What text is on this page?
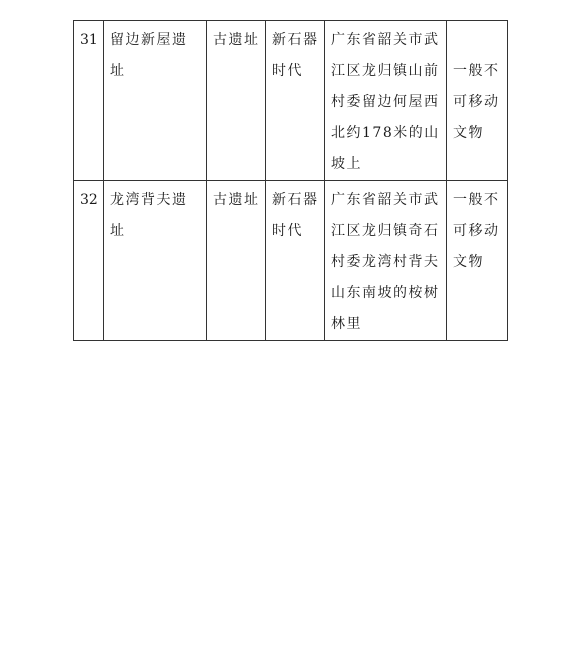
31	留边新屋遗址	古遗址	新石器时代	广东省韶关市武江区龙归镇山前村委留边何屋西北约178米的山坡上	一般不可移动文物
32	龙湾背夫遗址	古遗址	新石器时代	广东省韶关市武江区龙归镇奇石村委龙湾村背夫山东南坡的桉树林里	一般不可移动文物
